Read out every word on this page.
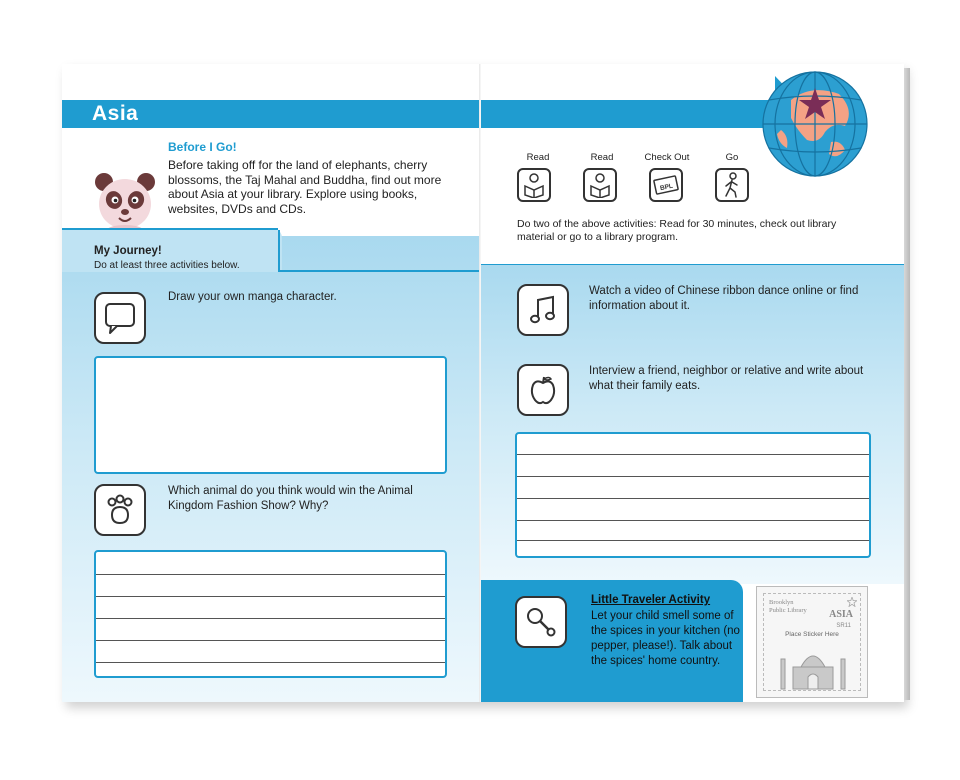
Asia
Before I Go!
Before taking off for the land of elephants, cherry blossoms, the Taj Mahal and Buddha, find out more about Asia at your library. Explore using books, websites, DVDs and CDs.
My Journey!
Do at least three activities below.
Draw your own manga character.
Which animal do you think would win the Animal Kingdom Fashion Show? Why?
Read	Read	Check Out	Go
BPL
Do two of the above activities: Read for 30 minutes, check out library material or go to a library program.
Watch a video of Chinese ribbon dance online or find information about it.
Interview a friend, neighbor or relative and write about what their family eats.
Little Traveler Activity
Let your child smell some of the spices in your kitchen (no pepper, please!). Talk about the spices' home country.
Brooklyn Public Library ASIA
SR11
Place Sticker Here
